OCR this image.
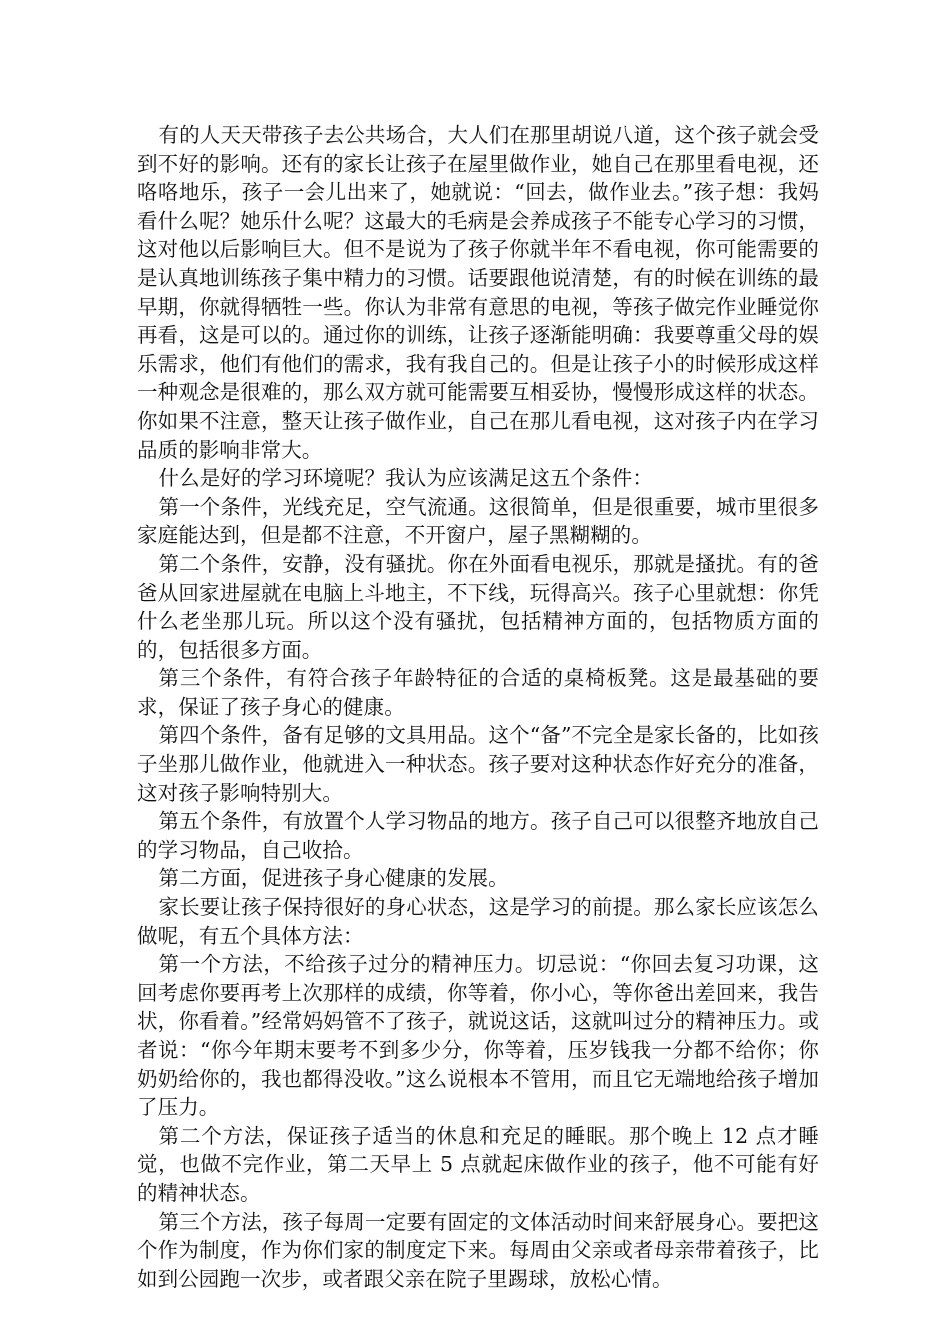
有的人天天带孩子去公共场合，大人们在那里胡说八道，这个孩子就会受到不好的影响。还有的家长让孩子在屋里做作业，她自己在那里看电视，还咯咯地乐，孩子一会儿出来了，她就说：“回去，做作业去。”孩子想：我妈看什么呢？她乐什么呢？这最大的毛病是会养成孩子不能专心学习的习惯，这对他以后影响巨大。但不是说为了孩子你就半年不看电视，你可能需要的是认真地训练孩子集中精力的习惯。话要跟他说清楚，有的时候在训练的最早期，你就得牺牲一些。你认为非常有意思的电视，等孩子做完作业睡觉你再看，这是可以的。通过你的训练，让孩子逐渐能明确：我要尊重父母的娱乐需求，他们有他们的需求，我有我自己的。但是让孩子小的时候形成这样一种观念是很难的，那么双方就可能需要互相妥协，慢慢形成这样的状态。你如果不注意，整天让孩子做作业，自己在那儿看电视，这对孩子内在学习品质的影响非常大。

什么是好的学习环境呢？我认为应该满足这五个条件：

第一个条件，光线充足，空气流通。这很简单，但是很重要，城市里很多家庭能达到，但是都不注意，不开窗户，屋子黑糊糊的。

第二个条件，安静，没有骚扰。你在外面看电视乐，那就是搔扰。有的爸爸从回家进屋就在电脑上斗地主，不下线，玩得高兴。孩子心里就想：你凭什么老坐那儿玩。所以这个没有骚扰，包括精神方面的，包括物质方面的的，包括很多方面。

第三个条件，有符合孩子年龄特征的合适的桌椅板凳。这是最基础的要求，保证了孩子身心的健康。

第四个条件，备有足够的文具用品。这个“备”不完全是家长备的，比如孩子坐那儿做作业，他就进入一种状态。孩子要对这种状态作好充分的准备，这对孩子影响特别大。

第五个条件，有放置个人学习物品的地方。孩子自己可以很整齐地放自己的学习物品，自己收拾。

第二方面，促进孩子身心健康的发展。

家长要让孩子保持很好的身心状态，这是学习的前提。那么家长应该怎么做呢，有五个具体方法：

第一个方法，不给孩子过分的精神压力。切忌说：“你回去复习功课，这回考虑你要再考上次那样的成绩，你等着，你小心，等你爸出差回来，我告状，你看着。”经常妈妈管不了孩子，就说这话，这就叫过分的精神压力。或者说：“你今年期末要考不到多少分，你等着，压岁钱我一分都不给你；你奶奶给你的，我也都得没收。”这么说根本不管用，而且它无端地给孩子增加了压力。

第二个方法，保证孩子适当的休息和充足的睡眠。那个晚上 12 点才睡觉，也做不完作业，第二天早上 5 点就起床做作业的孩子，他不可能有好的精神状态。

第三个方法，孩子每周一定要有固定的文体活动时间来舒展身心。要把这个作为制度，作为你们家的制度定下来。每周由父亲或者母亲带着孩子，比如到公园跑一次步，或者跟父亲在院子里踢球，放松心情。
